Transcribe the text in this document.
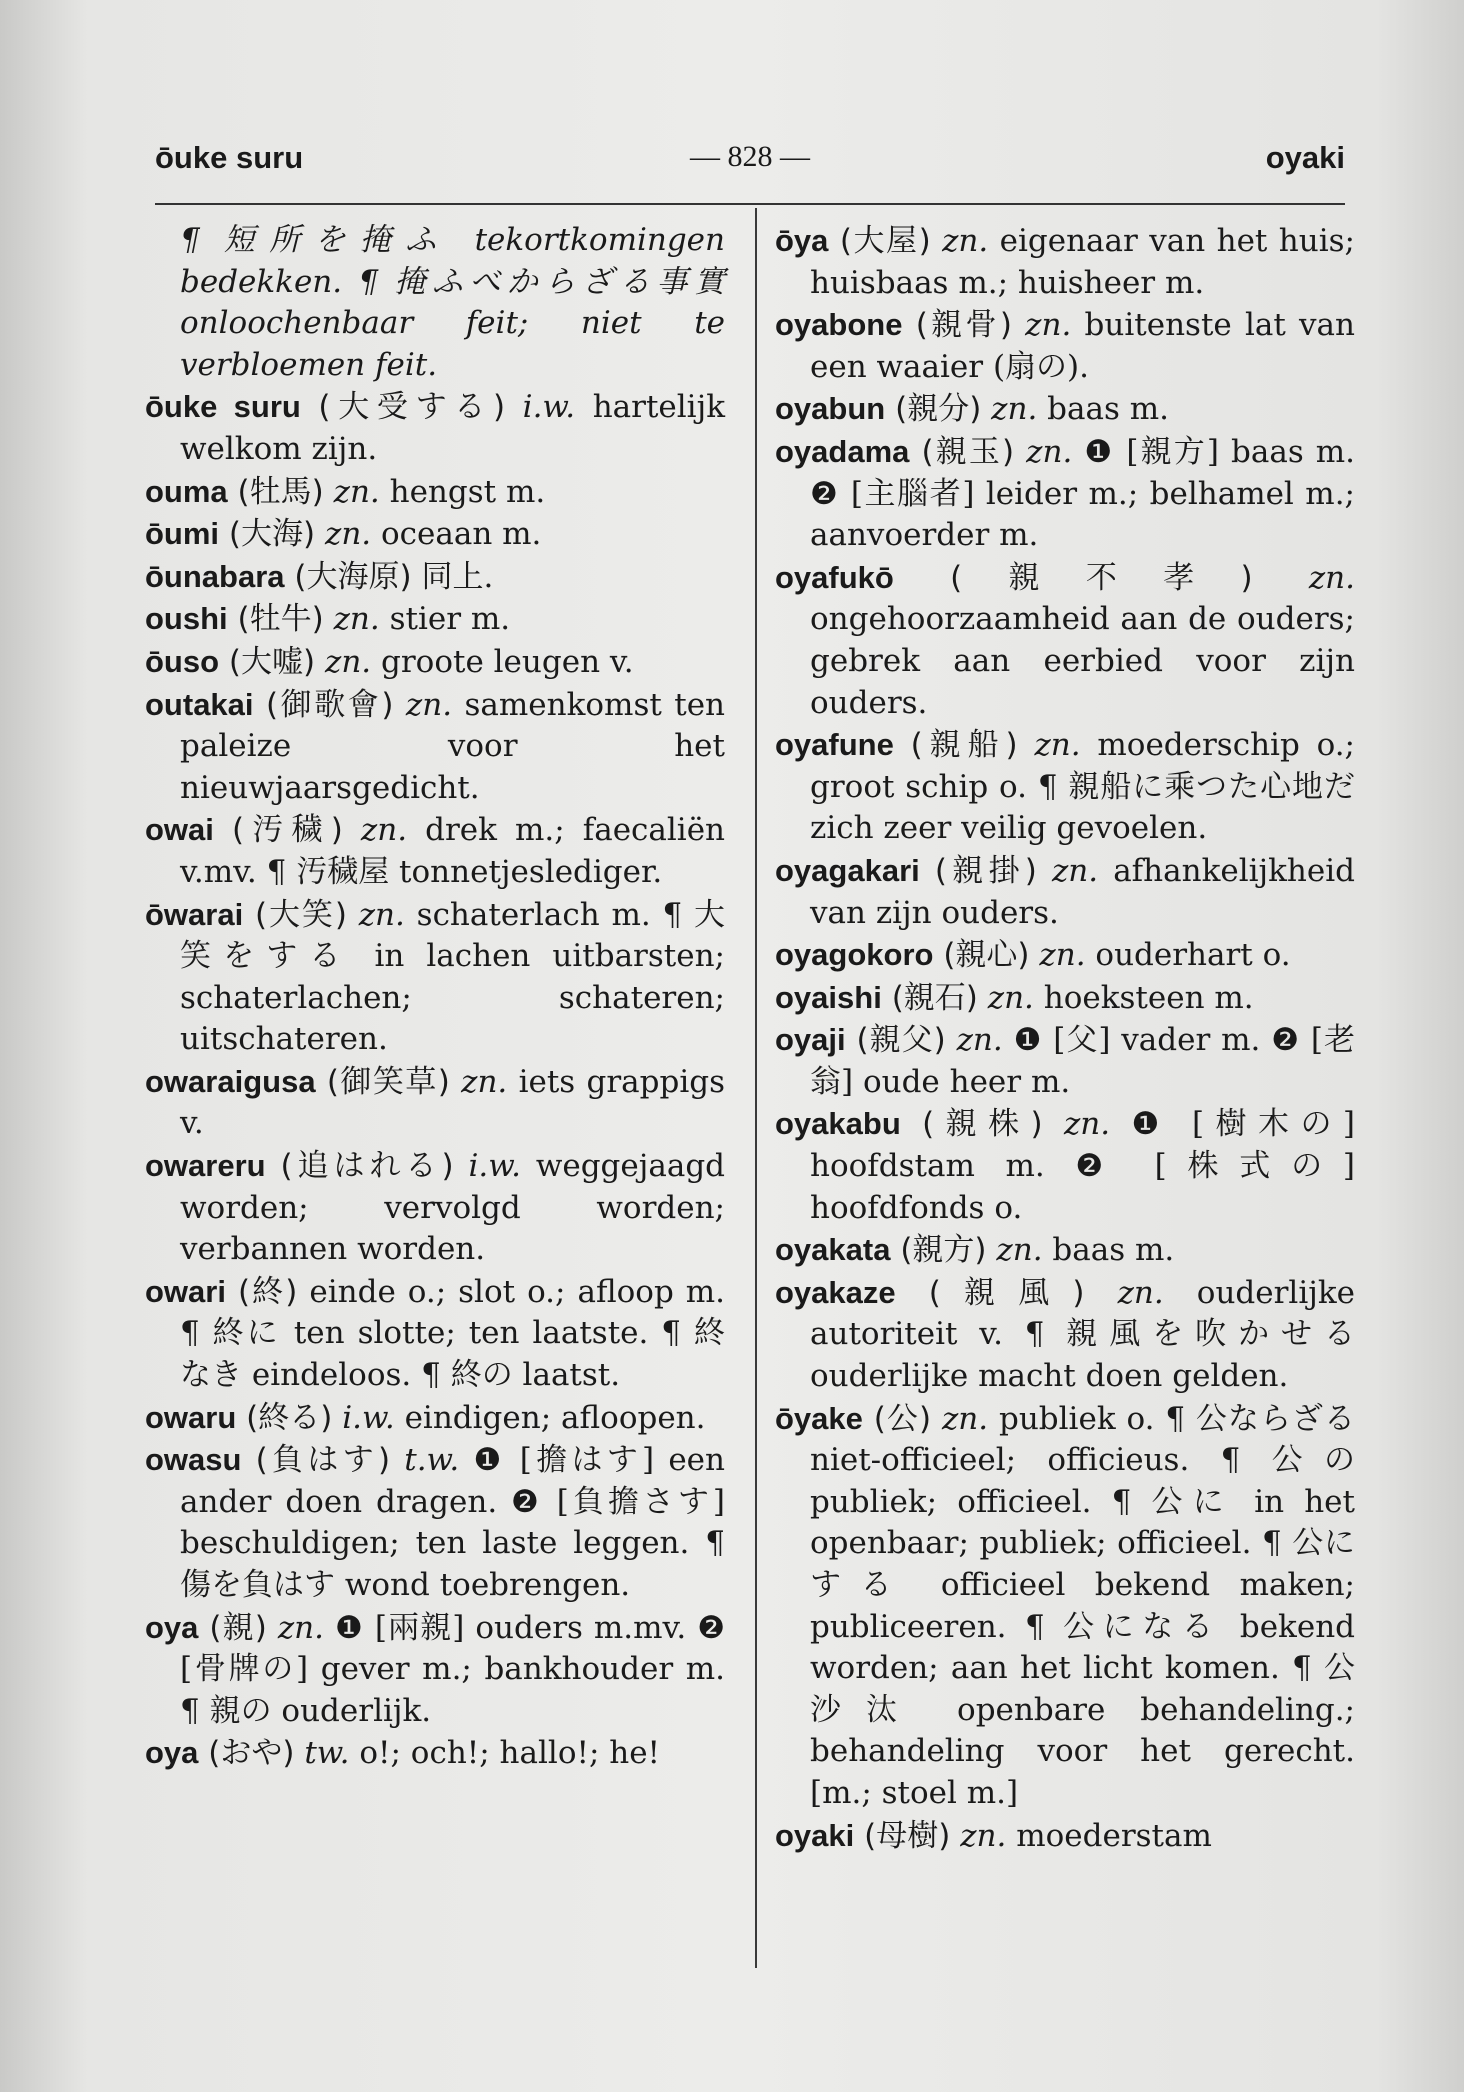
ōuke suru	— 828 —	oyaki
¶ 短所を掩ふ tekortkomingen bedekken. ¶ 掩ふべからざる事實 onloochenbaar feit; niet te verbloemen feit.
ōuke suru (大受する) i.w. hartelijk welkom zijn.
ouma (牡馬) zn. hengst m.
ōumi (大海) zn. oceaan m.
ōunabara (大海原) 同上.
oushi (牡牛) zn. stier m.
ōuso (大嘘) zn. groote leugen v.
outakai (御歌會) zn. samenkomst ten paleize voor het nieuwjaarsgedicht.
owai (汚穢) zn. drek m.; faecaliën v.mv. ¶ 汚穢屋 tonnetjeslediger.
ōwarai (大笑) zn. schaterlach m. ¶ 大笑をする in lachen uitbarsten; schaterlachen; schateren; uitschateren.
owaraigusa (御笑草) zn. iets grappigs v.
owareru (追はれる) i.w. weggejaagd worden; vervolgd worden; verbannen worden.
owari (終) einde o.; slot o.; afloop m. ¶ 終に ten slotte; ten laatste. ¶ 終なき eindeloos. ¶ 終の laatst.
owaru (終る) i.w. eindigen; afloopen.
owasu (負はす) t.w. ❶ [擔はす] een ander doen dragen. ❷ [負擔さす] beschuldigen; ten laste leggen. ¶ 傷を負はす wond toebrengen.
oya (親) zn. ❶ [兩親] ouders m.mv. ❷ [骨牌の] gever m.; bankhouder m. ¶ 親の ouderlijk.
oya (おや) tw. o!; och!; hallo!; he!
ōya (大屋) zn. eigenaar van het huis; huisbaas m.; huisheer m.
oyabone (親骨) zn. buitenste lat van een waaier (扇の).
oyabun (親分) zn. baas m.
oyadama (親玉) zn. ❶ [親方] baas m. ❷ [主腦者] leider m.; belhamel m.; aanvoerder m.
oyafukō (親不孝) zn. ongehoorzaamheid aan de ouders; gebrek aan eerbied voor zijn ouders.
oyafune (親船) zn. moederschip o.; groot schip o. ¶ 親船に乘つた心地だ zich zeer veilig gevoelen.
oyagakari (親掛) zn. afhankelijkheid van zijn ouders.
oyagokoro (親心) zn. ouderhart o.
oyaishi (親石) zn. hoeksteen m.
oyaji (親父) zn. ❶ [父] vader m. ❷ [老翁] oude heer m.
oyakabu (親株) zn. ❶ [樹木の] hoofdstam m. ❷ [株式の] hoofdfonds o.
oyakata (親方) zn. baas m.
oyakaze (親風) zn. ouderlijke autoriteit v. ¶ 親風を吹かせる ouderlijke macht doen gelden.
ōyake (公) zn. publiek o. ¶ 公ならざる niet-officieel; officieus. ¶ 公の publiek; officieel. ¶ 公に in het openbaar; publiek; officieel. ¶ 公にする officieel bekend maken; publiceeren. ¶ 公になる bekend worden; aan het licht komen. ¶ 公沙汰 openbare behandeling.; behandeling voor het gerecht. [m.; stoel m.]
oyaki (母樹) zn. moederstam
